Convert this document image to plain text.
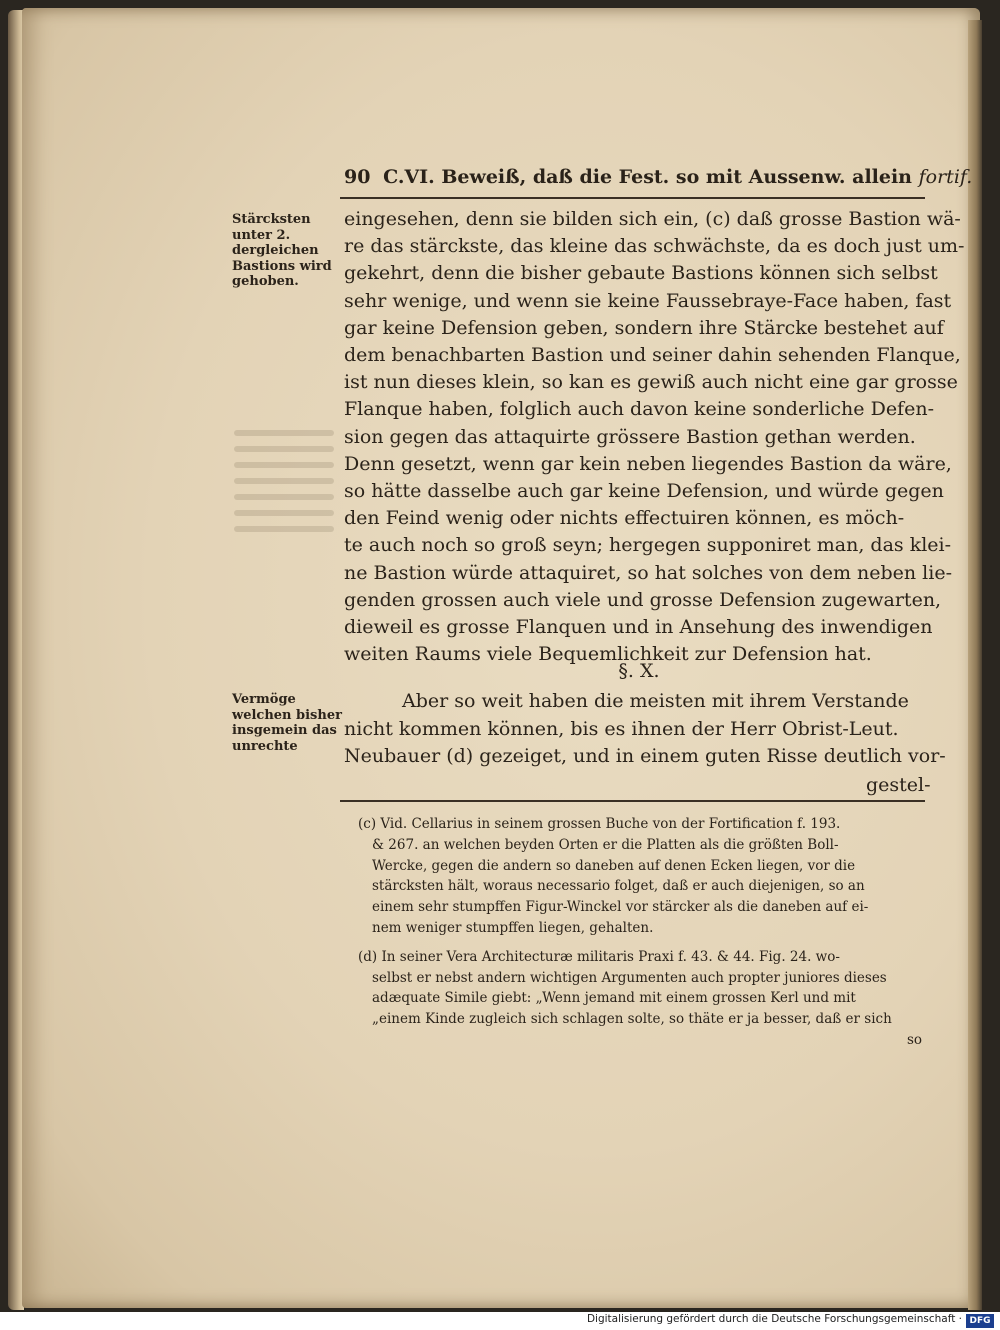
90 C.VI. Beweiß, daß die Fest. so mit Aussenw. allein fortif.
Stärcksten unter 2. dergleichen Bastions wird gehoben.
eingesehen, denn sie bilden sich ein, (c) daß grosse Bastion wä-
re das stärckste, das kleine das schwächste, da es doch just um-
gekehrt, denn die bisher gebaute Bastions können sich selbst
sehr wenige, und wenn sie keine Faussebraye-Face haben, fast
gar keine Defension geben, sondern ihre Stärcke bestehet auf
dem benachbarten Bastion und seiner dahin sehenden Flanque,
ist nun dieses klein, so kan es gewiß auch nicht eine gar grosse
Flanque haben, folglich auch davon keine sonderliche Defen-
sion gegen das attaquirte grössere Bastion gethan werden.
Denn gesetzt, wenn gar kein neben liegendes Bastion da wäre,
so hätte dasselbe auch gar keine Defension, und würde gegen
den Feind wenig oder nichts effectuiren können, es möch-
te auch noch so groß seyn; hergegen supponiret man, das klei-
ne Bastion würde attaquiret, so hat solches von dem neben lie-
genden grossen auch viele und grosse Defension zugewarten,
dieweil es grosse Flanquen und in Ansehung des inwendigen
weiten Raums viele Bequemlichkeit zur Defension hat.
§. X.
Vermöge welchen bisher insgemein das unrechte
Aber so weit haben die meisten mit ihrem Verstande
nicht kommen können, bis es ihnen der Herr Obrist-Leut.
Neubauer (d) gezeiget, und in einem guten Risse deutlich vor-
gestel-
(c) Vid. Cellarius in seinem grossen Buche von der Fortification f. 193.
& 267. an welchen beyden Orten er die Platten als die größten Boll-
Wercke, gegen die andern so daneben auf denen Ecken liegen, vor die
stärcksten hält, woraus necessario folget, daß er auch diejenigen, so an
einem sehr stumpffen Figur-Winckel vor stärcker als die daneben auf ei-
nem weniger stumpffen liegen, gehalten.
(d) In seiner Vera Architecturæ militaris Praxi f. 43. & 44. Fig. 24. wo-
selbst er nebst andern wichtigen Argumenten auch propter juniores dieses
adæquate Simile giebt: „Wenn jemand mit einem grossen Kerl und mit
„einem Kinde zugleich sich schlagen solte, so thäte er ja besser, daß er sich
so
Digitalisierung gefördert durch die Deutsche Forschungsgemeinschaft · DFG
